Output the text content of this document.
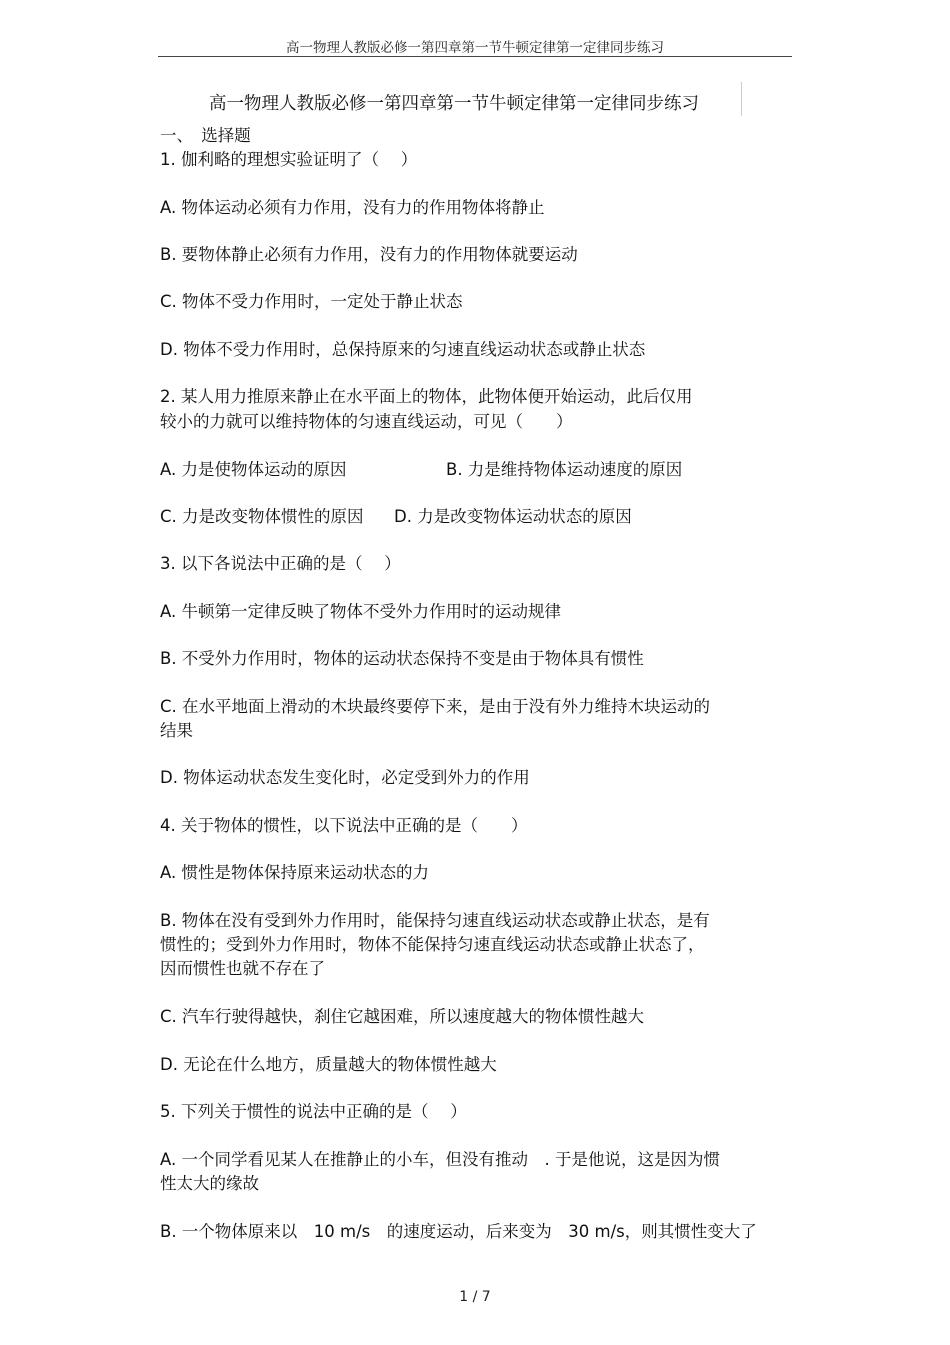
高一物理人教版必修一第四章第一节牛顿定律第一定律同步练习
高一物理人教版必修一第四章第一节牛顿定律第一定律同步练习
一、　选择题
1. 伽利略的理想实验证明了（　 ）
A. 物体运动必须有力作用，没有力的作用物体将静止
B. 要物体静止必须有力作用，没有力的作用物体就要运动
C. 物体不受力作用时，一定处于静止状态
D. 物体不受力作用时，总保持原来的匀速直线运动状态或静止状态
2. 某人用力推原来静止在水平面上的物体，此物体便开始运动，此后仅用
较小的力就可以维持物体的匀速直线运动，可见（　　）
A. 力是使物体运动的原因	B. 力是维持物体运动速度的原因
C. 力是改变物体惯性的原因 D. 力是改变物体运动状态的原因
3. 以下各说法中正确的是（　 ）
A. 牛顿第一定律反映了物体不受外力作用时的运动规律
B. 不受外力作用时，物体的运动状态保持不变是由于物体具有惯性
C. 在水平地面上滑动的木块最终要停下来，是由于没有外力维持木块运动的
结果
D. 物体运动状态发生变化时，必定受到外力的作用
4. 关于物体的惯性，以下说法中正确的是（　　）
A. 惯性是物体保持原来运动状态的力
B. 物体在没有受到外力作用时，能保持匀速直线运动状态或静止状态，是有
惯性的；受到外力作用时，物体不能保持匀速直线运动状态或静止状态了，
因而惯性也就不存在了
C. 汽车行驶得越快，刹住它越困难，所以速度越大的物体惯性越大
D. 无论在什么地方，质量越大的物体惯性越大
5. 下列关于惯性的说法中正确的是（　 ）
A. 一个同学看见某人在推静止的小车，但没有推动　. 于是他说，这是因为惯
性太大的缘故
B. 一个物体原来以　10 m/s　的速度运动，后来变为　30 m/s，则其惯性变大了
1 / 7
